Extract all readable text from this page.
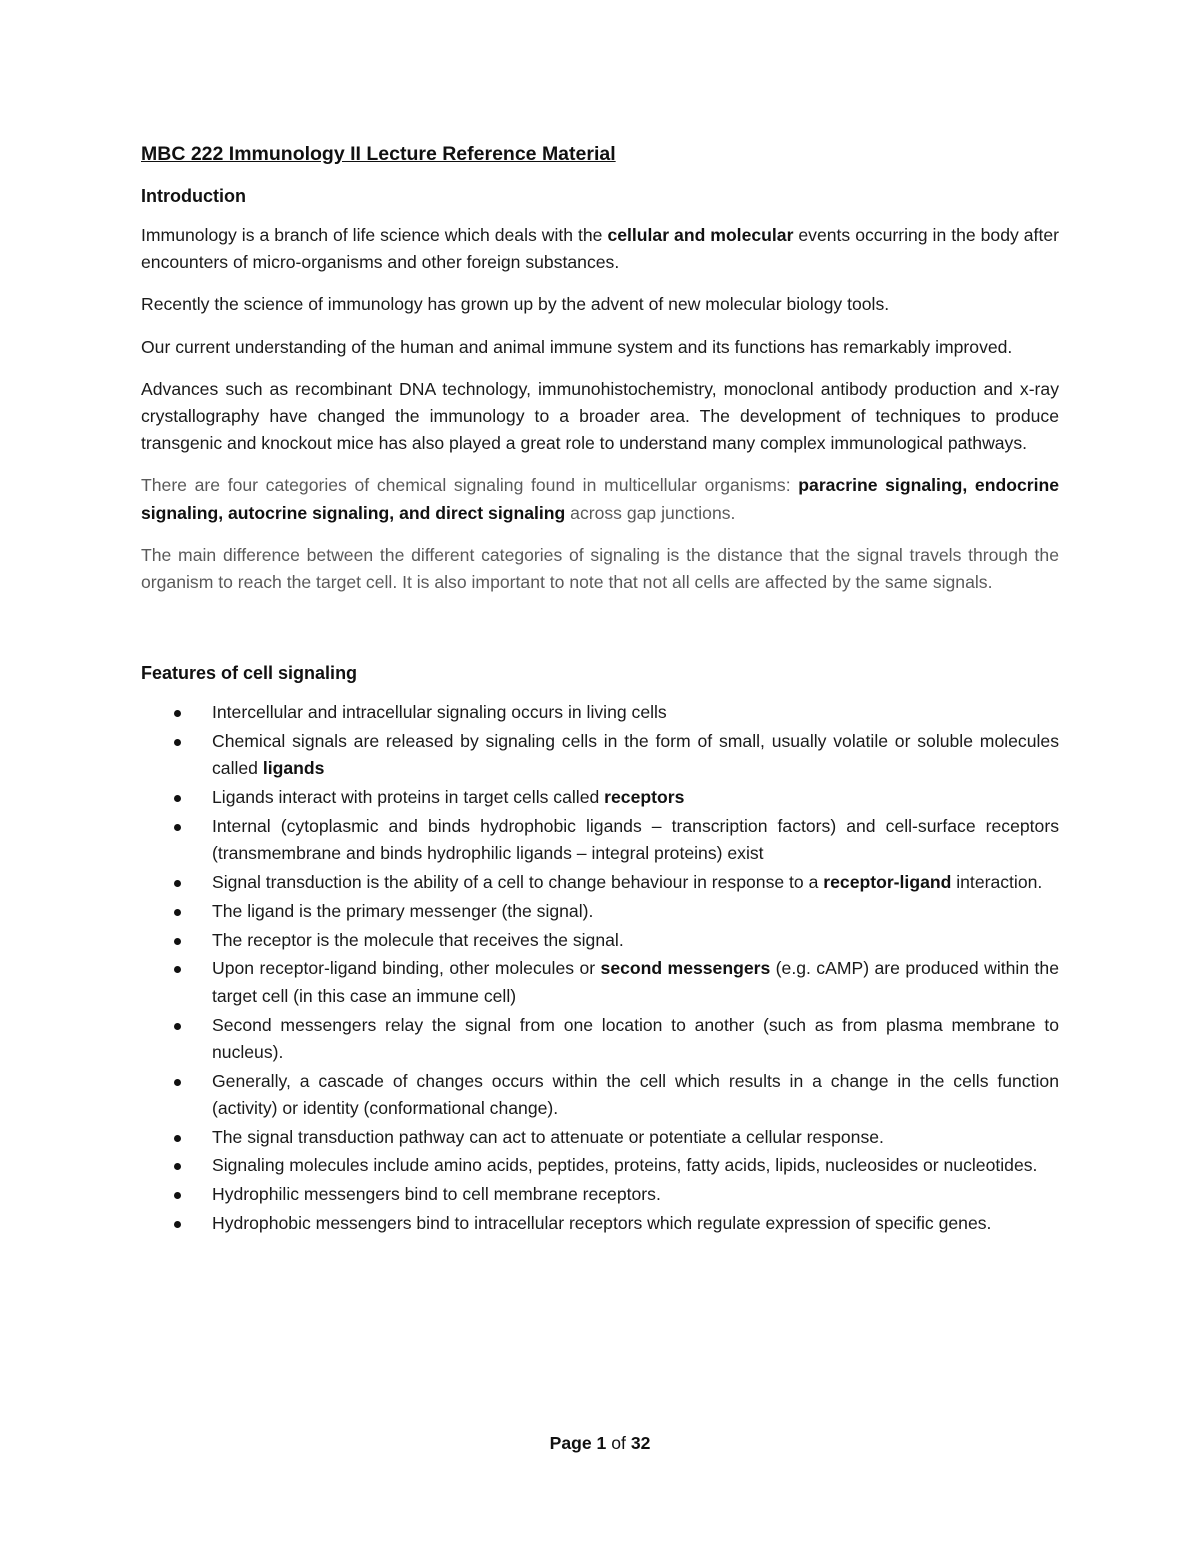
MBC 222 Immunology II Lecture Reference Material
Introduction
Immunology is a branch of life science which deals with the cellular and molecular events occurring in the body after encounters of micro-organisms and other foreign substances.
Recently the science of immunology has grown up by the advent of new molecular biology tools.
Our current understanding of the human and animal immune system and its functions has remarkably improved.
Advances such as recombinant DNA technology, immunohistochemistry, monoclonal antibody production and x-ray crystallography have changed the immunology to a broader area. The development of techniques to produce transgenic and knockout mice has also played a great role to understand many complex immunological pathways.
There are four categories of chemical signaling found in multicellular organisms: paracrine signaling, endocrine signaling, autocrine signaling, and direct signaling across gap junctions.
The main difference between the different categories of signaling is the distance that the signal travels through the organism to reach the target cell. It is also important to note that not all cells are affected by the same signals.
Features of cell signaling
Intercellular and intracellular signaling occurs in living cells
Chemical signals are released by signaling cells in the form of small, usually volatile or soluble molecules called ligands
Ligands interact with proteins in target cells called receptors
Internal (cytoplasmic and binds hydrophobic ligands – transcription factors) and cell-surface receptors (transmembrane and binds hydrophilic ligands – integral proteins) exist
Signal transduction is the ability of a cell to change behaviour in response to a receptor-ligand interaction.
The ligand is the primary messenger (the signal).
The receptor is the molecule that receives the signal.
Upon receptor-ligand binding, other molecules or second messengers (e.g. cAMP) are produced within the target cell (in this case an immune cell)
Second messengers relay the signal from one location to another (such as from plasma membrane to nucleus).
Generally, a cascade of changes occurs within the cell which results in a change in the cells function (activity) or identity (conformational change).
The signal transduction pathway can act to attenuate or potentiate a cellular response.
Signaling molecules include amino acids, peptides, proteins, fatty acids, lipids, nucleosides or nucleotides.
Hydrophilic messengers bind to cell membrane receptors.
Hydrophobic messengers bind to intracellular receptors which regulate expression of specific genes.
Page 1 of 32
